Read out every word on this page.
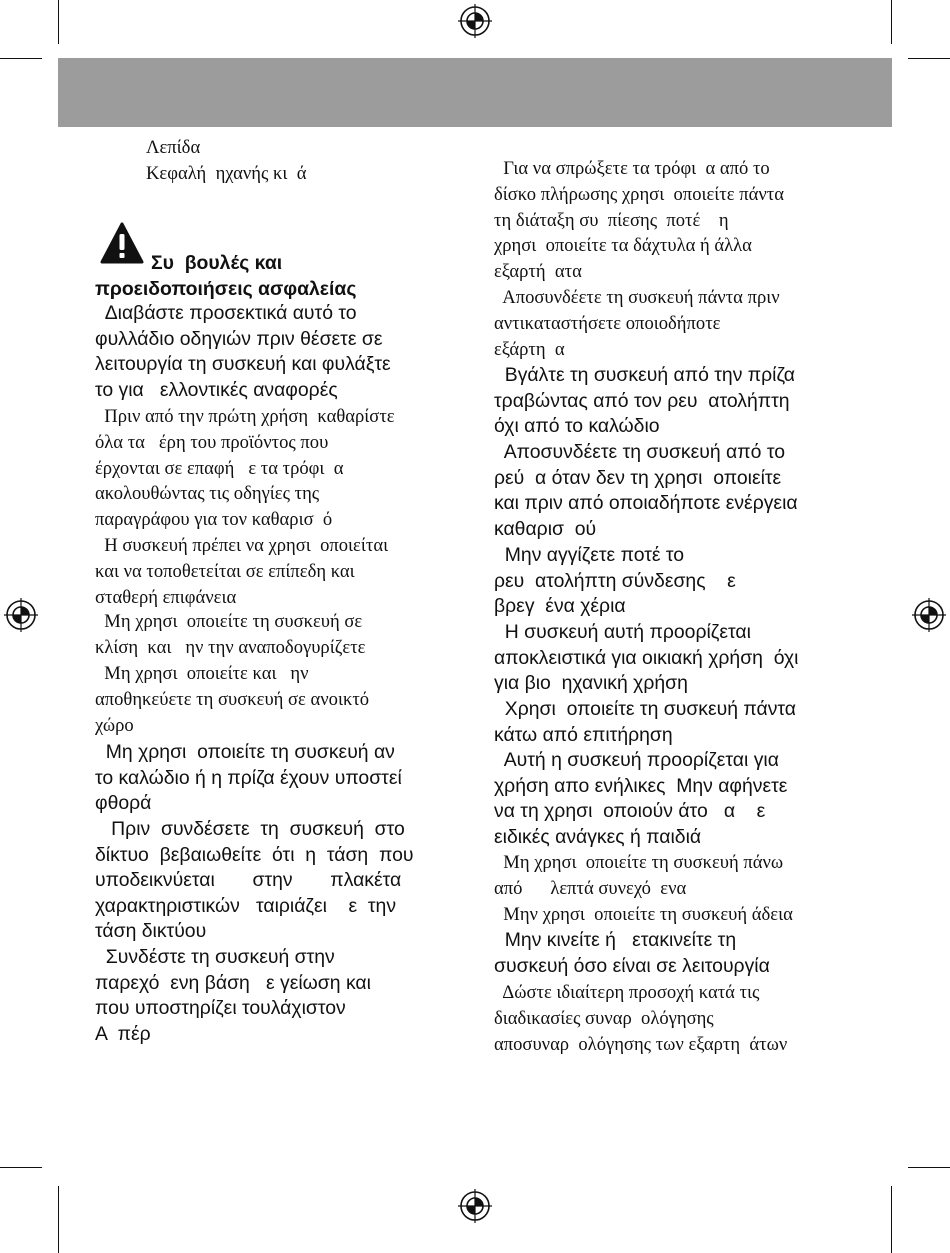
Λεπίδα
Κεφαλή  ηχανής κι  ά
Συ  βουλές και
προειδοποιήσεις ασφαλείας
Διαβάστε προσεκτικά αυτό το
φυλλάδιο οδηγιών πριν θέσετε σε
λειτουργία τη συσκευή και φυλάξτε
το για   ελλοντικές αναφορές
Πριν από την πρώτη χρήση  καθαρίστε
όλα τα   έρη του προϊόντος που
έρχονται σε επαφή   ε τα τρόφι  α
ακολουθώντας τις οδηγίες της
παραγράφου για τον καθαρισ  ό
Η συσκευή πρέπει να χρησι  οποιείται
και να τοποθετείται σε επίπεδη και
σταθερή επιφάνεια
Μη χρησι  οποιείτε τη συσκευή σε
κλίση  και   ην την αναποδογυρίζετε
Μη χρησι  οποιείτε και   ην
αποθηκεύετε τη συσκευή σε ανοικτό
χώρο
Μη χρησι  οποιείτε τη συσκευή αν
το καλώδιο ή η πρίζα έχουν υποστεί
φθορά
Πριν  συνδέσετε  τη  συσκευή  στο
δίκτυο  βεβαιωθείτε  ότι  η  τάση  που
υποδεικνύεται       στην       πλακέτα
χαρακτηριστικών   ταιριάζει    ε  την
τάση δικτύου
Συνδέστε τη συσκευή στην
παρεχό  ενη βάση   ε γείωση και
που υποστηρίζει τουλάχιστον
Α  πέρ
Για να σπρώξετε τα τρόφι  α από το
δίσκο πλήρωσης χρησι  οποιείτε πάντα
τη διάταξη συ  πίεσης  ποτέ    η
χρησι  οποιείτε τα δάχτυλα ή άλλα
εξαρτή  ατα
Αποσυνδέετε τη συσκευή πάντα πριν
αντικαταστήσετε οποιοδήποτε
εξάρτη  α
Βγάλτε τη συσκευή από την πρίζα
τραβώντας από τον ρευ  ατολήπτη
όχι από το καλώδιο
Αποσυνδέετε τη συσκευή από το
ρεύ  α όταν δεν τη χρησι  οποιείτε
και πριν από οποιαδήποτε ενέργεια
καθαρισ  ού
Μην αγγίζετε ποτέ το
ρευ  ατολήπτη σύνδεσης    ε
βρεγ  ένα χέρια
Η συσκευή αυτή προορίζεται
αποκλειστικά για οικιακή χρήση  όχι
για βιο  ηχανική χρήση
Χρησι  οποιείτε τη συσκευή πάντα
κάτω από επιτήρηση
Αυτή η συσκευή προορίζεται για
χρήση απο ενήλικες  Μην αφήνετε
να τη χρησι  οποιούν άτο   α    ε
ειδικές ανάγκες ή παιδιά
Μη χρησι  οποιείτε τη συσκευή πάνω
από      λεπτά συνεχό  ενα
Μην χρησι  οποιείτε τη συσκευή άδεια
Μην κινείτε ή   ετακινείτε τη
συσκευή όσο είναι σε λειτουργία
Δώστε ιδιαίτερη προσοχή κατά τις
διαδικασίες συναρ  ολόγησης
αποσυναρ  ολόγησης των εξαρτη  άτων
